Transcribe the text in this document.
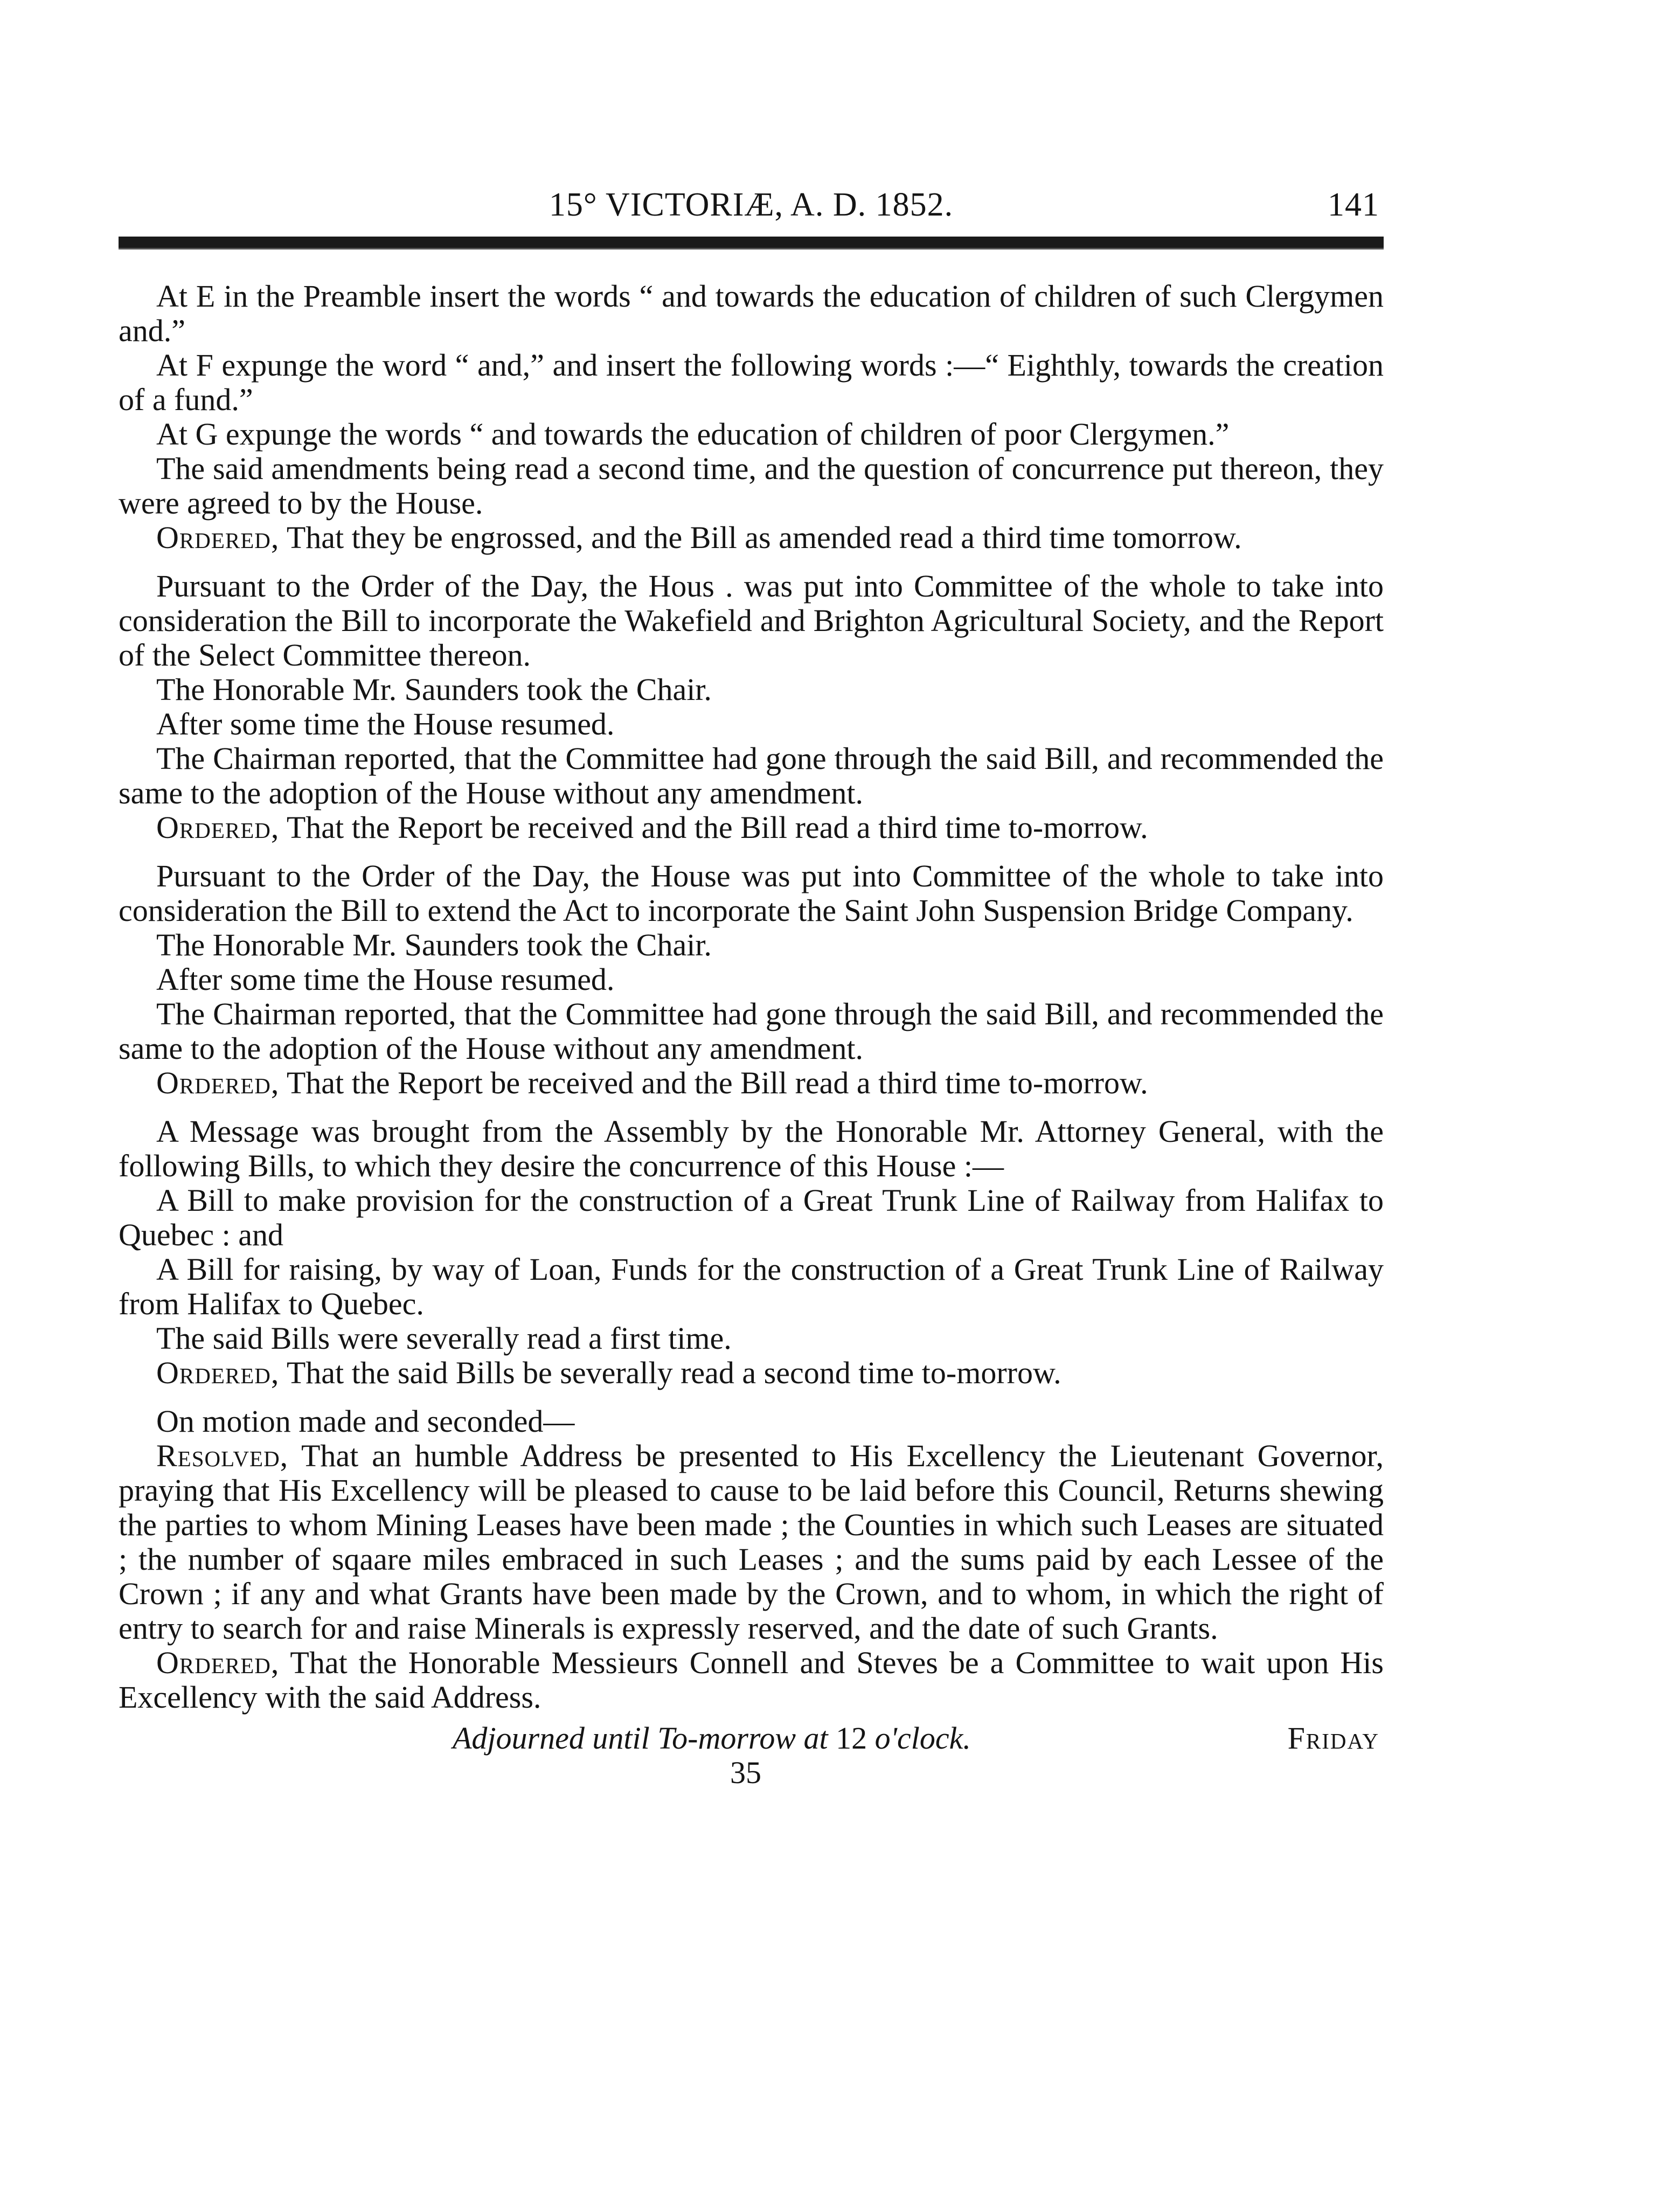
15° VICTORIÆ, A. D. 1852.	141

At E in the Preamble insert the words “ and towards the education of children of such Clergymen and.”

At F expunge the word “ and,” and insert the following words :—“ Eighthly, towards the creation of a fund.”

At G expunge the words “ and towards the education of children of poor Clergymen.”

The said amendments being read a second time, and the question of concurrence put thereon, they were agreed to by the House.

Ordered, That they be engrossed, and the Bill as amended read a third time tomorrow.

Pursuant to the Order of the Day, the Hous . was put into Committee of the whole to take into consideration the Bill to incorporate the Wakefield and Brighton Agricultural Society, and the Report of the Select Committee thereon.

The Honorable Mr. Saunders took the Chair.

After some time the House resumed.

The Chairman reported, that the Committee had gone through the said Bill, and recommended the same to the adoption of the House without any amendment.

Ordered, That the Report be received and the Bill read a third time to-morrow.

Pursuant to the Order of the Day, the House was put into Committee of the whole to take into consideration the Bill to extend the Act to incorporate the Saint John Suspension Bridge Company.

The Honorable Mr. Saunders took the Chair.

After some time the House resumed.

The Chairman reported, that the Committee had gone through the said Bill, and recommended the same to the adoption of the House without any amendment.

Ordered, That the Report be received and the Bill read a third time to-morrow.

A Message was brought from the Assembly by the Honorable Mr. Attorney General, with the following Bills, to which they desire the concurrence of this House :—

A Bill to make provision for the construction of a Great Trunk Line of Railway from Halifax to Quebec : and

A Bill for raising, by way of Loan, Funds for the construction of a Great Trunk Line of Railway from Halifax to Quebec.

The said Bills were severally read a first time.

Ordered, That the said Bills be severally read a second time to-morrow.

On motion made and seconded—

Resolved, That an humble Address be presented to His Excellency the Lieutenant Governor, praying that His Excellency will be pleased to cause to be laid before this Council, Returns shewing the parties to whom Mining Leases have been made ; the Counties in which such Leases are situated ; the number of sqaare miles embraced in such Leases ; and the sums paid by each Lessee of the Crown ; if any and what Grants have been made by the Crown, and to whom, in which the right of entry to search for and raise Minerals is expressly reserved, and the date of such Grants.

Ordered, That the Honorable Messieurs Connell and Steves be a Committee to wait upon His Excellency with the said Address.

Adjourned until To-morrow at 12 o'clock.	Friday
35
